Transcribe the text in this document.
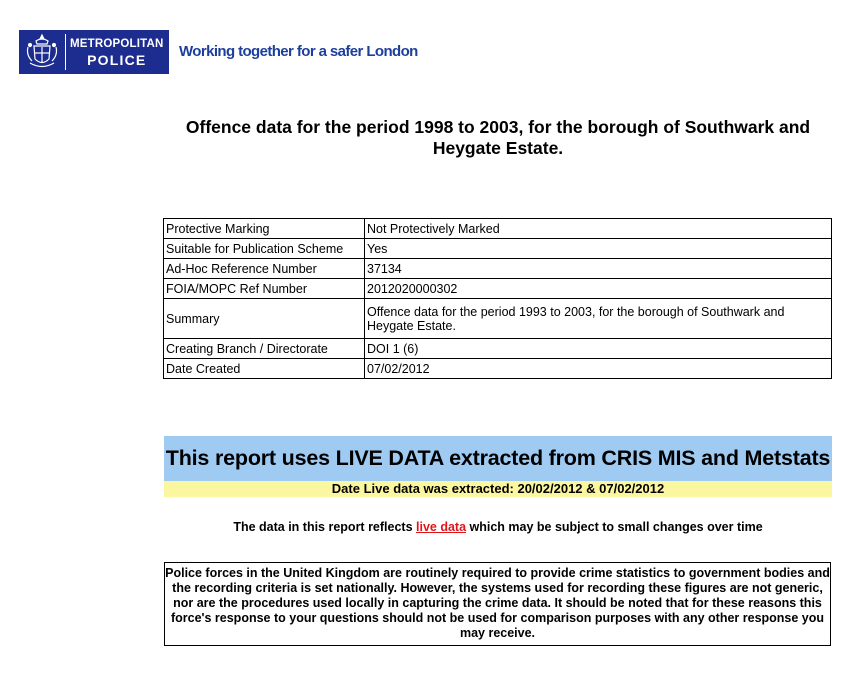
METROPOLITAN
POLICE	Working together for a safer London
Offence data for the period 1998 to 2003, for the borough of Southwark and Heygate Estate.
Protective Marking	Not Protectively Marked
Suitable for Publication Scheme	Yes
Ad-Hoc Reference Number	37134
FOIA/MOPC Ref Number	2012020000302
Summary	Offence data for the period 1993 to 2003, for the borough of Southwark and Heygate Estate.
Creating Branch / Directorate	DOI 1 (6)
Date Created	07/02/2012
This report uses LIVE DATA extracted from CRIS MIS and Metstats
Date Live data was extracted: 20/02/2012 & 07/02/2012
The data in this report reflects live data which may be subject to small changes over time
Police forces in the United Kingdom are routinely required to provide crime statistics to government bodies and the recording criteria is set nationally. However, the systems used for recording these figures are not generic, nor are the procedures used locally in capturing the crime data. It should be noted that for these reasons this force's response to your questions should not be used for comparison purposes with any other response you may receive.
